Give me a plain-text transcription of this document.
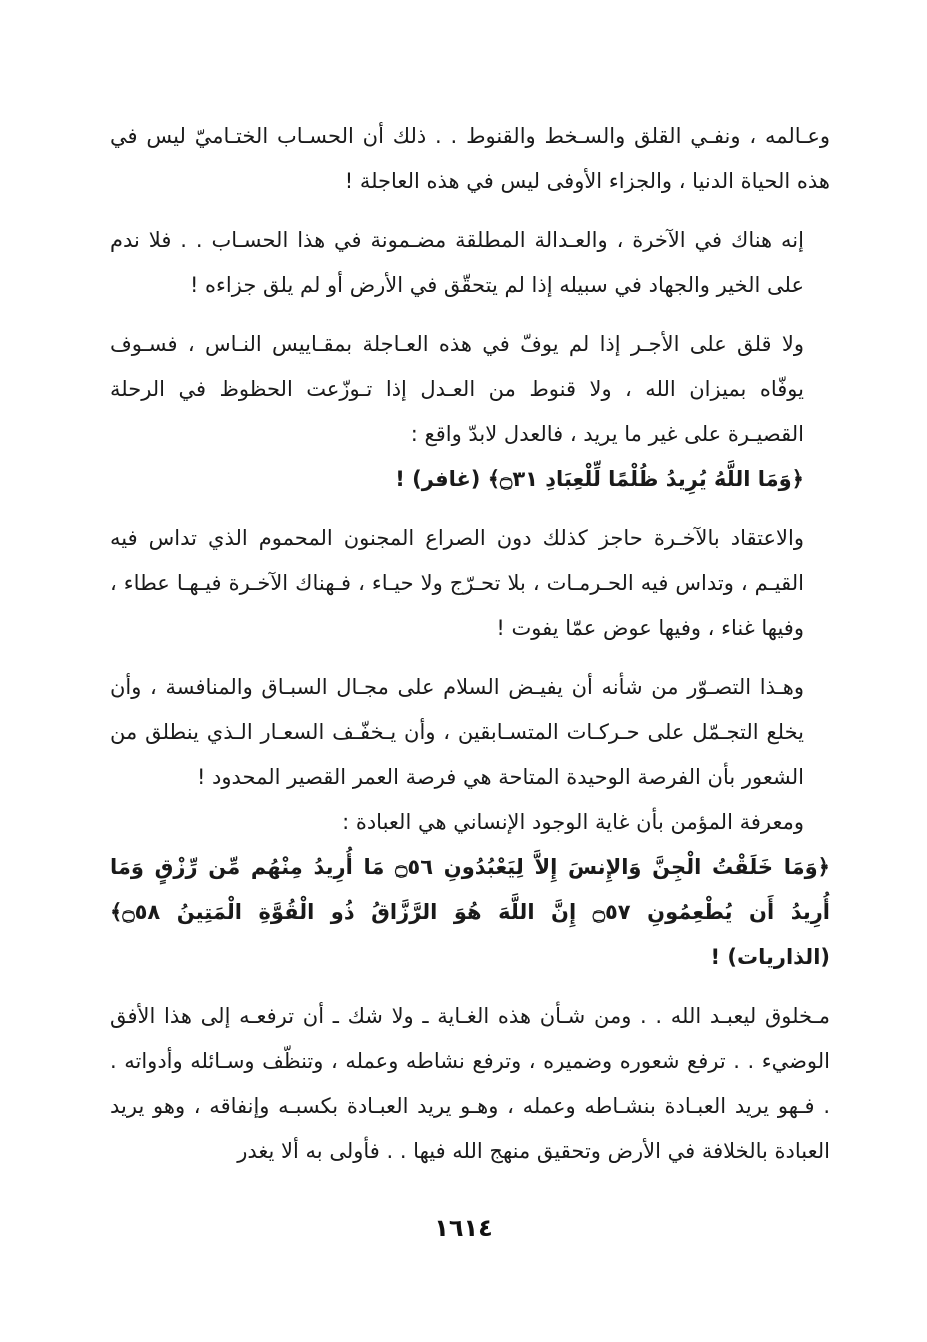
وعـالمه ، ونفـي القلق والسـخط والقنوط . . ذلك أن الحسـاب الختـاميّ ليس في هذه الحياة الدنيا ، والجزاء الأوفى ليس في هذه العاجلة !

إنه هناك في الآخرة ، والعـدالة المطلقة مضـمونة في هذا الحسـاب . . فلا ندم على الخير والجهاد في سبيله إذا لم يتحقّق في الأرض أو لم يلق جزاءه !

ولا قلق على الأجـر إذا لم يوفّ في هذه العـاجلة بمقـاييس النـاس ، فسـوف يوفّاه بميزان الله ، ولا قنوط من العـدل إذا تـوزّعت الحظوظ في الرحلة القصيـرة على غير ما يريد ، فالعدل لابدّ واقع :

﴿وَمَا اللَّهُ يُرِيدُ ظُلْمًا لِّلْعِبَادِ ۝٣١﴾ (غافر) !

والاعتقاد بالآخـرة حاجز كذلك دون الصراع المجنون المحموم الذي تداس فيه القيـم ، وتداس فيه الحـرمـات ، بلا تحـرّج ولا حيـاء ، فـهناك الآخـرة فيـهـا عطاء ، وفيها غناء ، وفيها عوض عمّا يفوت !

وهـذا التصـوّر من شأنه أن يفيـض السلام على مجـال السبـاق والمنافسة ، وأن يخلع التجـمّل على حـركـات المتسـابقين ، وأن يـخفّـف السعـار الـذي ينطلق من الشعور بأن الفرصة الوحيدة المتاحة هي فرصة العمر القصير المحدود !

ومعرفة المؤمن بأن غاية الوجود الإنساني هي العبادة :

﴿وَمَا خَلَقْتُ الْجِنَّ وَالإِنسَ إِلاَّ لِيَعْبُدُونِ ۝٥٦ مَا أُرِيدُ مِنْهُم مِّن رِّزْقٍ وَمَا أُرِيدُ أَن يُطْعِمُونِ ۝٥٧ إِنَّ اللَّهَ هُوَ الرَّزَّاقُ ذُو الْقُوَّةِ الْمَتِينُ ۝٥٨﴾ (الذاريات) !

مـخلوق ليعبـد الله . . ومن شـأن هذه الغـاية ـ ولا شك ـ أن ترفعـه إلى هذا الأفق الوضيء . . ترفع شعوره وضميره ، وترفع نشاطه وعمله ، وتنظّف وسـائله وأدواته . . فـهو يريد العبـادة بنشـاطه وعمله ، وهـو يريد العبـادة بكسبـه وإنفاقه ، وهو يريد العبادة بالخلافة في الأرض وتحقيق منهج الله فيها . . فأولى به ألا يغدر

١٦١٤
